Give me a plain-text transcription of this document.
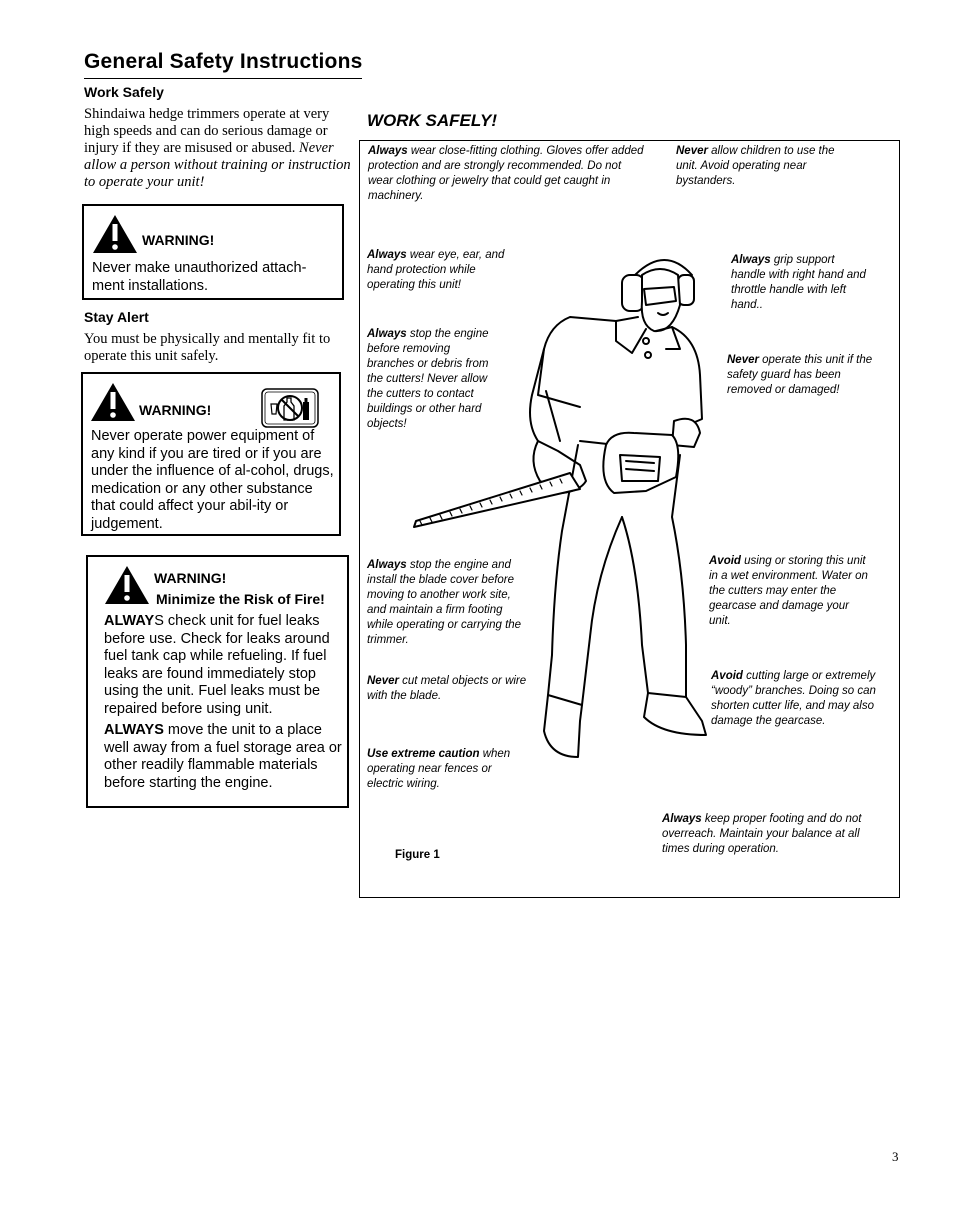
General Safety Instructions
Work Safely
Shindaiwa hedge trimmers operate at very high speeds and can do serious damage or injury if they are misused or abused. Never allow a person without training or instruction to operate your unit!
WARNING!
Never make unauthorized attach-ment installations.
Stay Alert
You must be physically and mentally fit to operate this unit safely.
WARNING!
Never operate power equipment of any kind if you are tired or if you are under the influence of al-cohol, drugs, medication or any other substance that could affect your abil-ity or judgement.
WARNING!
Minimize the Risk of Fire!
ALWAYS check unit for fuel leaks before use. Check for leaks around fuel tank cap while refueling. If fuel leaks are found immediately stop using the unit. Fuel leaks must be repaired before using unit.
ALWAYS move the unit to a place well away from a fuel storage area or other readily flammable materials before starting the engine.
WORK SAFELY!
Always wear close-fitting clothing. Gloves offer added protection and are strongly recommended. Do not wear clothing or jewelry that could get caught in machinery.
Never allow children to use the unit. Avoid operating near bystanders.
Always wear eye, ear, and hand protection while operating this unit!
Always grip support handle with right hand and throttle handle with left hand..
Always stop the engine before removing branches or debris from the cutters! Never allow the cutters to contact buildings or other hard objects!
Never operate this unit if the safety guard has been removed or damaged!
Always stop the engine and install the blade cover before moving to another work site, and maintain a firm footing while operating or carrying the trimmer.
Avoid using or storing this unit in a wet environment. Water on the cutters may enter the gearcase and damage your unit.
Never cut metal objects or wire with the blade.
Avoid cutting large or extremely “woody” branches. Doing so can shorten cutter life, and may also damage the gearcase.
Use extreme caution when operating near fences or electric wiring.
Always keep proper footing and do not overreach. Maintain your balance at all times during operation.
Figure 1
3
